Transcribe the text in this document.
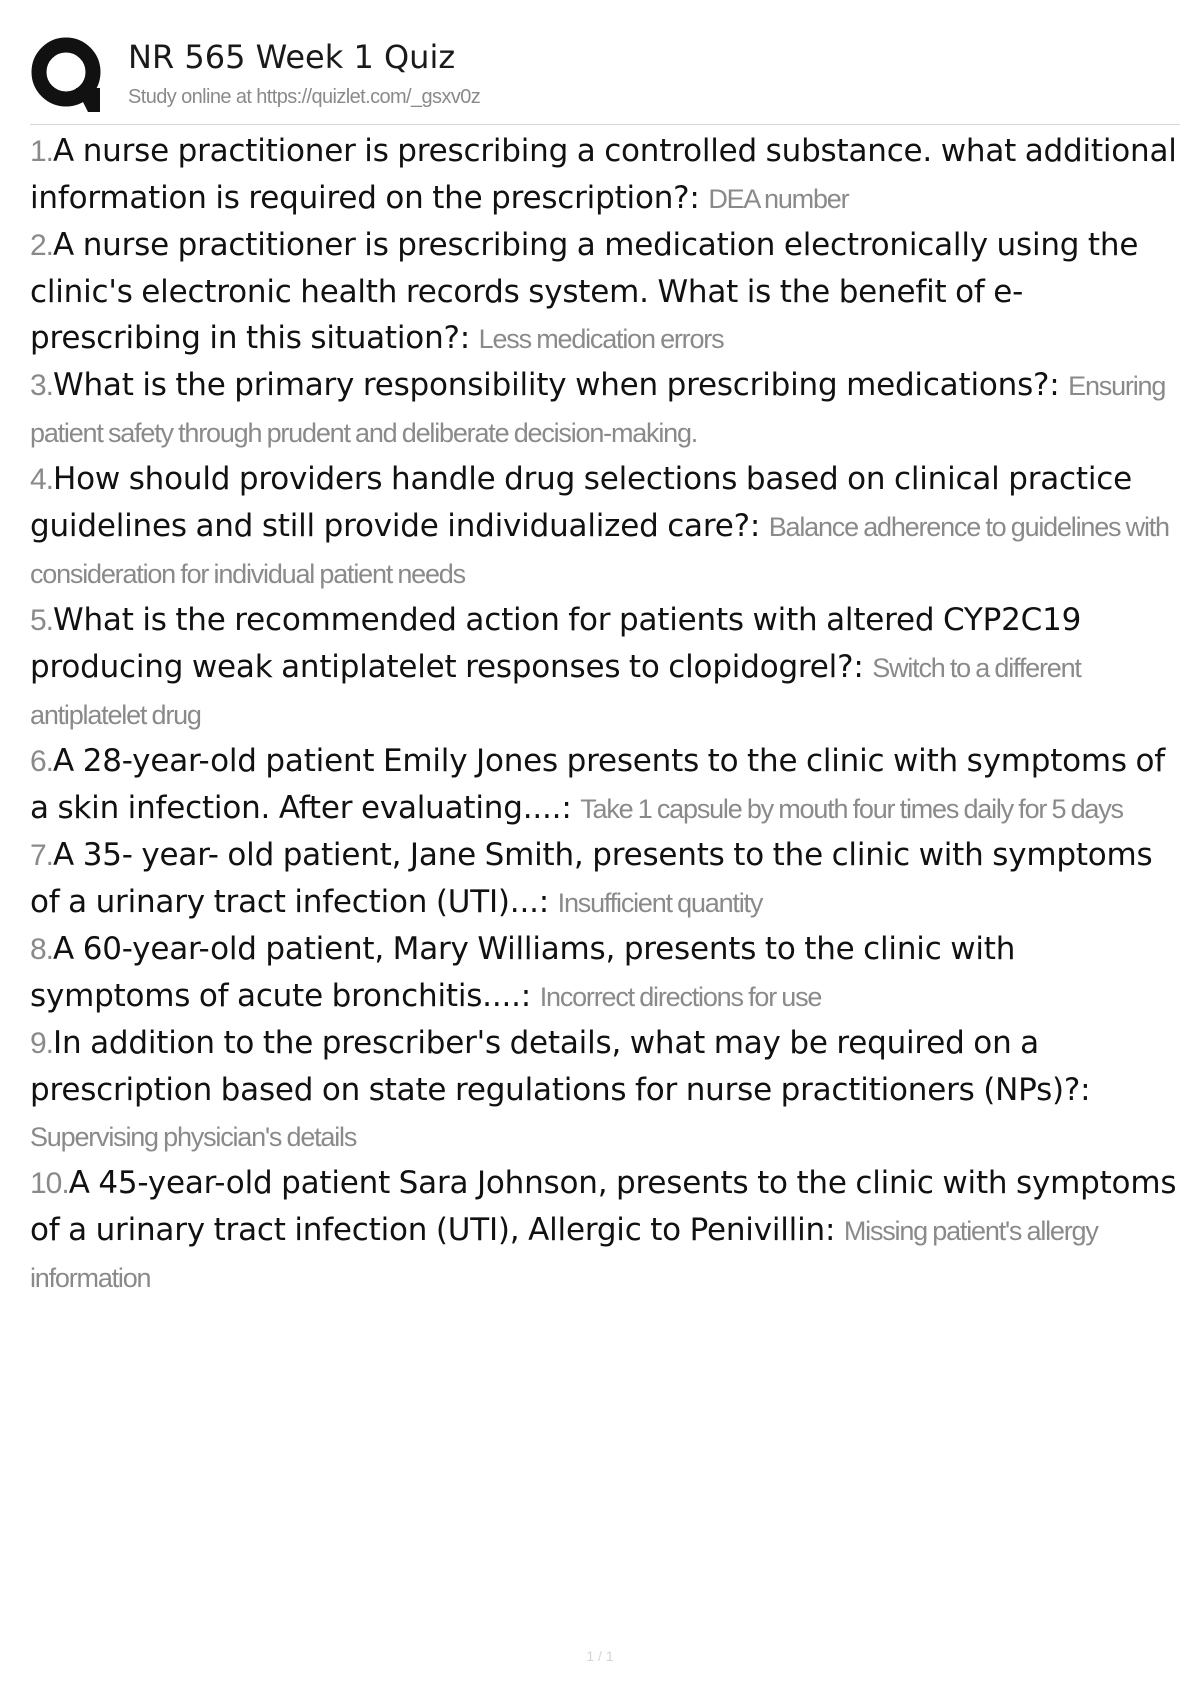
NR 565 Week 1 Quiz
Study online at https://quizlet.com/_gsxv0z
1.A nurse practitioner is prescribing a controlled substance. what additional information is required on the prescription?: DEA number
2.A nurse practitioner is prescribing a medication electronically using the clinic's electronic health records system. What is the benefit of e-prescribing in this situation?: Less medication errors
3.What is the primary responsibility when prescribing medications?: Ensuring patient safety through prudent and deliberate decision-making.
4.How should providers handle drug selections based on clinical practice guidelines and still provide individualized care?: Balance adherence to guidelines with consideration for individual patient needs
5.What is the recommended action for patients with altered CYP2C19 producing weak antiplatelet responses to clopidogrel?: Switch to a different antiplatelet drug
6.A 28-year-old patient Emily Jones presents to the clinic with symptoms of a skin infection. After evaluating....: Take 1 capsule by mouth four times daily for 5 days
7.A 35- year- old patient, Jane Smith, presents to the clinic with symptoms of a urinary tract infection (UTI)...: Insufficient quantity
8.A 60-year-old patient, Mary Williams, presents to the clinic with symptoms of acute bronchitis....: Incorrect directions for use
9.In addition to the prescriber's details, what may be required on a prescription based on state regulations for nurse practitioners (NPs)?: Supervising physician's details
10.A 45-year-old patient Sara Johnson, presents to the clinic with symptoms of a urinary tract infection (UTI), Allergic to Penivillin: Missing patient's allergy information
1 / 1
